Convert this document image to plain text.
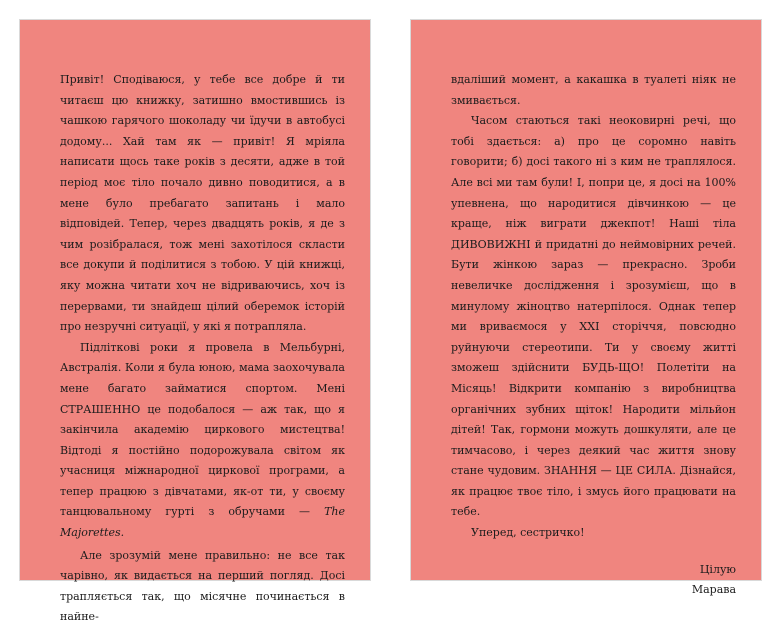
Привіт! Сподіваюся, у тебе все добре й ти читаєш цю книжку, затишно вмостившись із чашкою гарячого шоколаду чи їдучи в автобусі додому... Хай там як — привіт! Я мріяла написати щось таке років з десяти, адже в той період моє тіло почало дивно поводитися, а в мене було пребагато запитань і мало відповідей. Тепер, через двадцять років, я де з чим розібралася, тож мені захотілося скласти все докупи й поділитися з тобою. У цій книжці, яку можна читати хоч не відриваючись, хоч із перервами, ти знайдеш цілий оберемок історій про незручні ситуації, у які я потрапляла.

Підліткові роки я провела в Мельбурні, Австралія. Коли я була юною, мама заохочувала мене багато займатися спортом. Мені СТРАШЕННО це подобалося — аж так, що я закінчила академію циркового мистецтва! Відтоді я постійно подорожувала світом як учасниця міжнародної циркової програми, а тепер працюю з дівчатами, як-от ти, у своєму танцювальному гурті з обручами — The Majorettes.

Але зрозумій мене правильно: не все так чарівно, як видається на перший погляд. Досі трапляється так, що місячне починається в найне-

вдаліший момент, а какашка в туалеті ніяк не змивається.

Часом стаються такі неоковирні речі, що тобі здається: а) про це соромно навіть говорити; б) досі такого ні з ким не траплялося. Але всі ми там були! І, попри це, я досі на 100% упевнена, що народитися дівчинкою — це краще, ніж виграти джекпот! Наші тіла ДИВОВИЖНІ й придатні до неймовірних речей. Бути жінкою зараз — прекрасно. Зроби невеличке дослідження і зрозумієш, що в минулому жіноцтво натерпілося. Однак тепер ми вриваємося у ХХІ сторіччя, повсюдно руйнуючи стереотипи. Ти у своєму житті зможеш здійснити БУДЬ-ЩО! Полетіти на Місяць! Відкрити компанію з виробництва органічних зубних щіток! Народити мільйон дітей! Так, гормони можуть дошкуляти, але це тимчасово, і через деякий час життя знову стане чудовим. ЗНАННЯ — ЦЕ СИЛА. Дізнайся, як працює твоє тіло, і змусь його працювати на тебе.

Уперед, сестричко!

Цілую
Марава
